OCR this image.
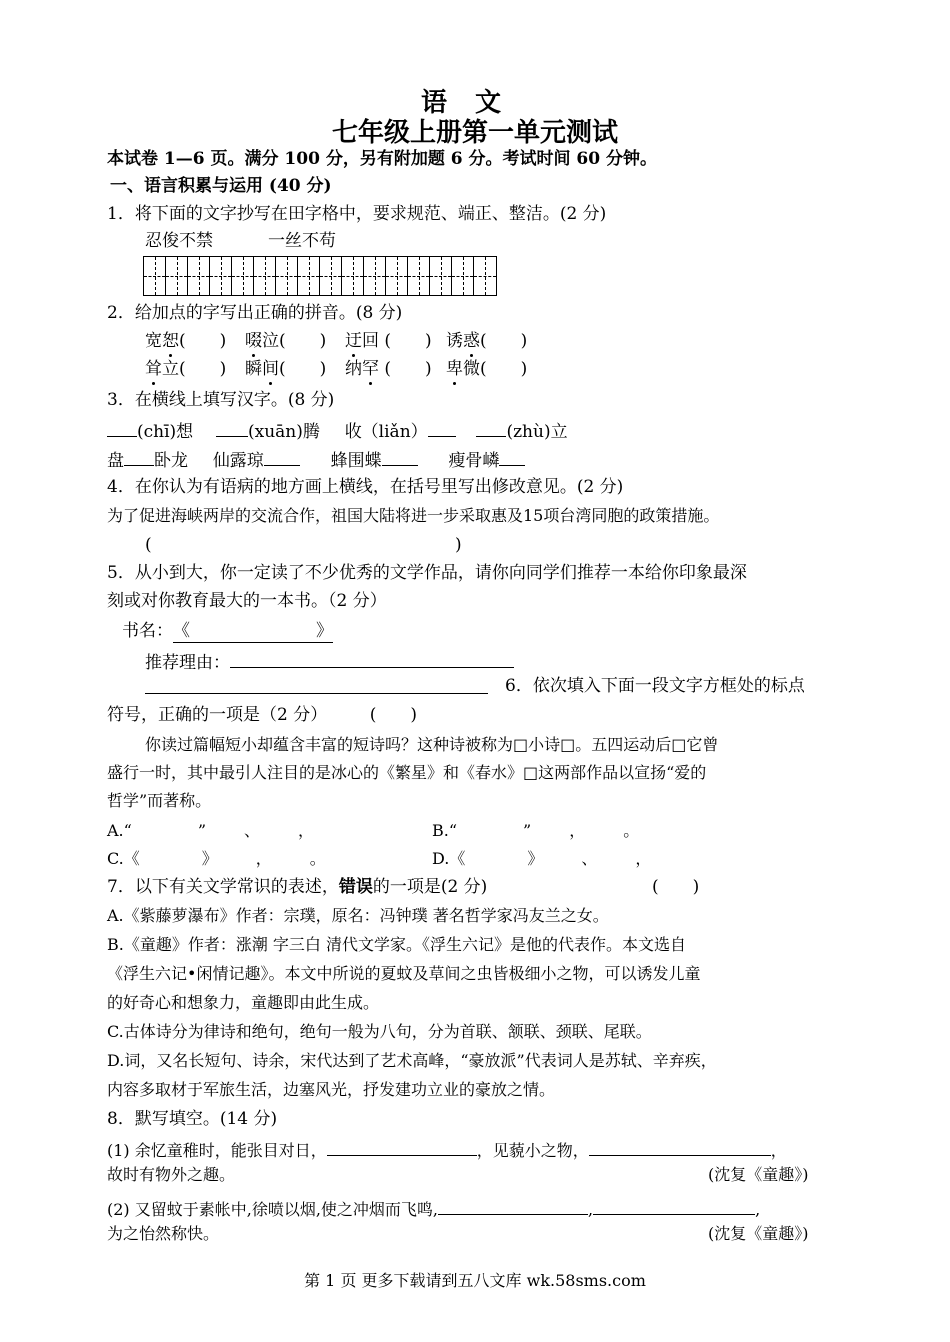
语文
七年级上册第一单元测试
本试卷 1—6 页。满分 100 分，另有附加题 6 分。考试时间 60 分钟。
一、语言积累与运用 (40 分)
1．将下面的文字抄写在田字格中，要求规范、端正、整洁。(2 分)
忍俊不禁	一丝不苟
2．给加点的字写出正确的拼音。(8 分)
宽恕(　　) 啜泣(　　) 迂回 (　　) 诱惑(　　)
耸立(　　) 瞬间(　　) 纳罕 (　　) 卑微(　　)
3．在横线上填写汉字。(8 分)
(chī)想	(xuān)腾 收（liǎn）	(zhù)立
盘 卧龙 仙露琼	蜂围蝶	瘦骨嶙
4．在你认为有语病的地方画上横线，在括号里写出修改意见。(2 分)
为了促进海峡两岸的交流合作，祖国大陆将进一步采取惠及15项台湾同胞的政策措施。
(	)
5．从小到大，你一定读了不少优秀的文学作品，请你向同学们推荐一本给你印象最深
刻或对你教育最大的一本书。（2 分）
书名：《	》
推荐理由：
6．依次填入下面一段文字方框处的标点
符号，正确的一项是（2 分）　　　(　　)
你读过篇幅短小却蕴含丰富的短诗吗？这种诗被称为□小诗□。五四运动后□它曾
盛行一时，其中最引人注目的是冰心的《繁星》和《春水》□这两部作品以宣扬“爱的
哲学”而著称。
A.“	” 、 ，	B.“	” ， 。
C.《	》 ， 。	D.《	》 、 ，
7．以下有关文学常识的表述，错误的一项是(2 分)	(　　)
A.《紫藤萝瀑布》作者：宗璞，原名：冯钟璞 著名哲学家冯友兰之女。
B.《童趣》作者：涨潮 字三白 清代文学家。《浮生六记》是他的代表作。本文选自
《浮生六记•闲情记趣》。本文中所说的夏蚊及草间之虫皆极细小之物，可以诱发儿童
的好奇心和想象力，童趣即由此生成。
C.古体诗分为律诗和绝句，绝句一般为八句，分为首联、颔联、颈联、尾联。
D.词，又名长短句、诗余，宋代达到了艺术高峰，“豪放派”代表词人是苏轼、辛弃疾，
内容多取材于军旅生活，边塞风光，抒发建功立业的豪放之情。
8．默写填空。(14 分)
(1) 余忆童稚时，能张目对日，	，见藐小之物，	，
故时有物外之趣。	(沈复《童趣》)
(2) 又留蚊于素帐中,徐喷以烟,使之冲烟而飞鸣,	,	,
为之怡然称快。	(沈复《童趣》)
第 1 页 更多下载请到五八文库 wk.58sms.com
